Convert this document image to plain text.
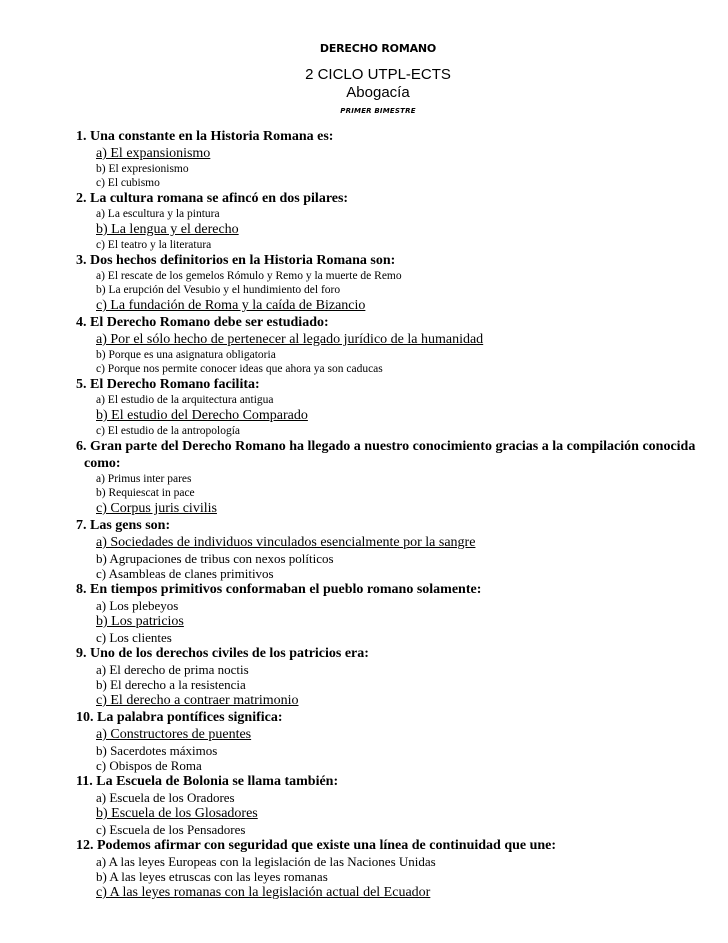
DERECHO ROMANO
2 CICLO UTPL-ECTS
Abogacía
PRIMER BIMESTRE
1. Una constante en la Historia Romana es:
a) El expansionismo
b) El expresionismo
c) El cubismo
2. La cultura romana se afincó en dos pilares:
a) La escultura y la pintura
b) La lengua y el derecho
c) El teatro y la literatura
3. Dos hechos definitorios en la Historia Romana son:
a) El rescate de los gemelos Rómulo y Remo y la muerte de Remo
b) La erupción del Vesubio y el hundimiento del foro
c) La fundación de Roma y la caída de Bizancio
4. El Derecho Romano debe ser estudiado:
a) Por el sólo hecho de pertenecer al legado jurídico de la humanidad
b) Porque es una asignatura obligatoria
c) Porque nos permite conocer ideas que ahora ya son caducas
5. El Derecho Romano facilita:
a) El estudio de la arquitectura antigua
b) El estudio del Derecho Comparado
c) El estudio de la antropología
6. Gran parte del Derecho Romano ha llegado a nuestro conocimiento gracias a la compilación conocida
como:
a) Primus inter pares
b) Requiescat in pace
c) Corpus juris civilis
7. Las gens son:
a) Sociedades de individuos vinculados esencialmente por la sangre
b) Agrupaciones de tribus con nexos políticos
c) Asambleas de clanes primitivos
8. En tiempos primitivos conformaban el pueblo romano solamente:
a) Los plebeyos
b) Los patricios
c) Los clientes
9. Uno de los derechos civiles de los patricios era:
a) El derecho de prima noctis
b) El derecho a la resistencia
c) El derecho a contraer matrimonio
10. La palabra pontífices significa:
a) Constructores de puentes
b) Sacerdotes máximos
c) Obispos de Roma
11. La Escuela de Bolonia se llama también:
a) Escuela de los Oradores
b) Escuela de los Glosadores
c) Escuela de los Pensadores
12. Podemos afirmar con seguridad que existe una línea de continuidad que une:
a) A las leyes Europeas con la legislación de las Naciones Unidas
b) A las leyes etruscas con las leyes romanas
c) A las leyes romanas con la legislación actual del Ecuador
